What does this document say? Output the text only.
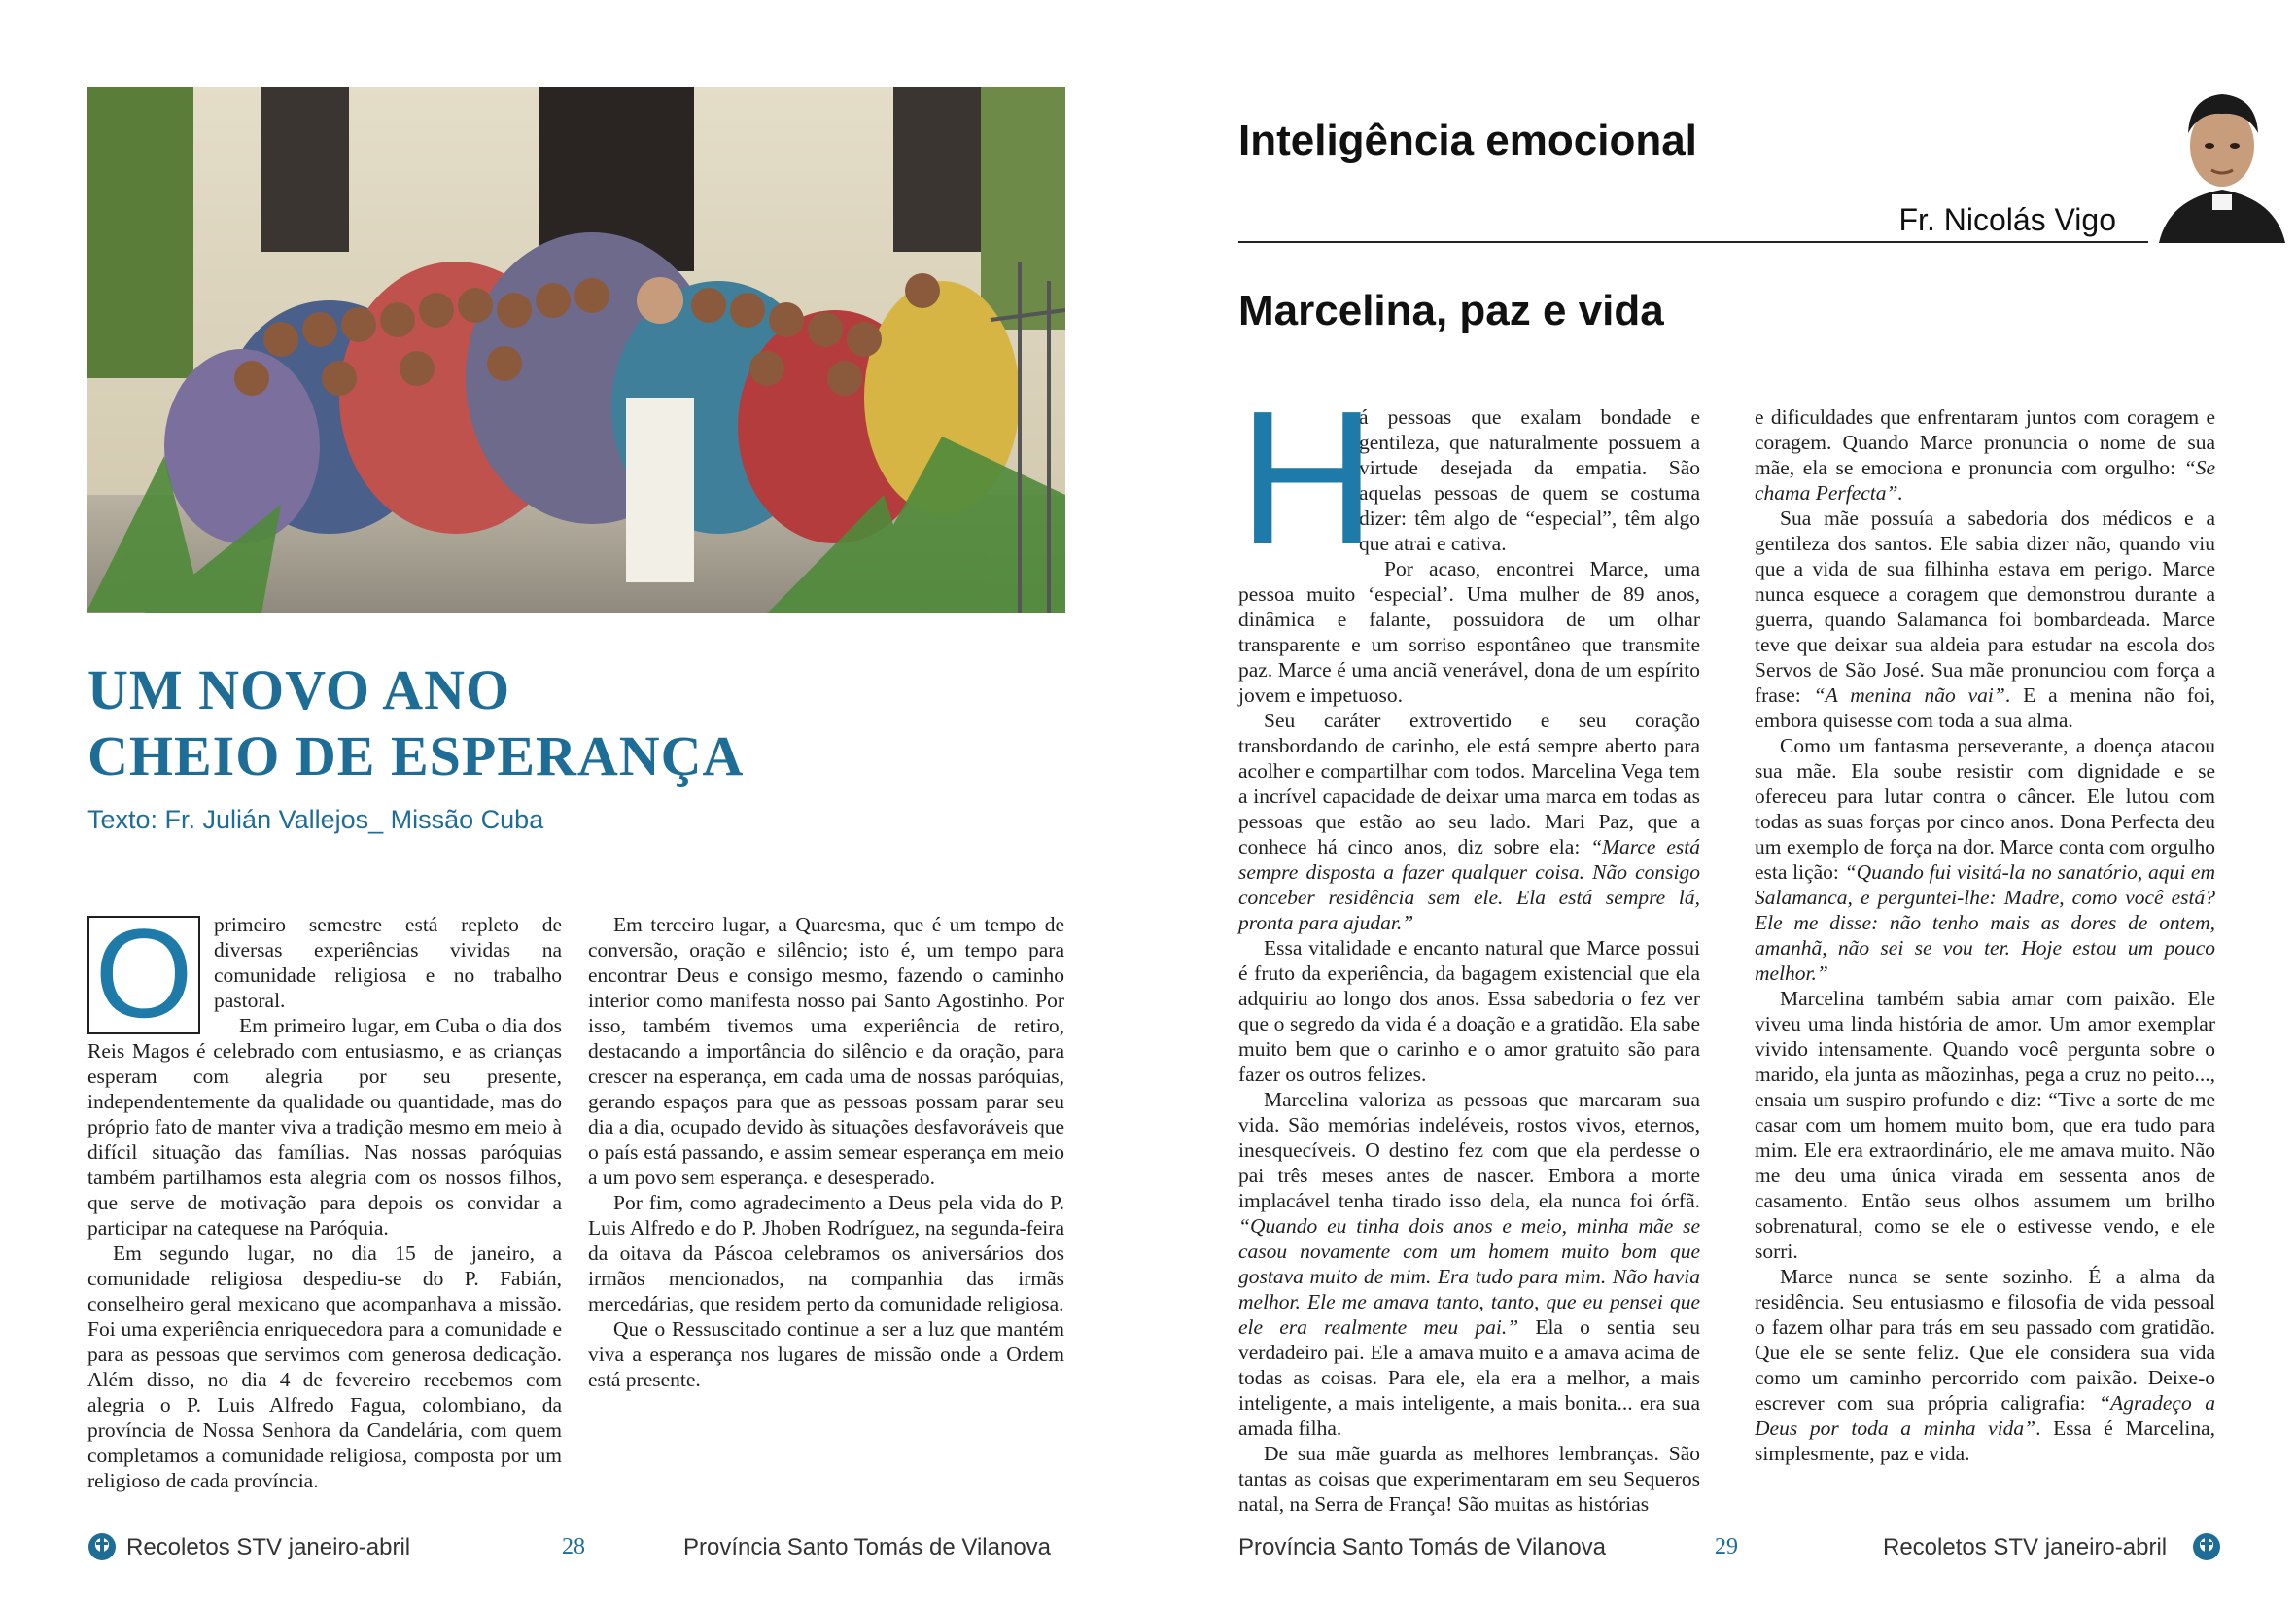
UM NOVO ANO
CHEIO DE ESPERANÇA
Texto: Fr. Julián Vallejos_ Missão Cuba
O primeiro semestre está repleto de diversas experiências vividas na comunidade religiosa e no trabalho pastoral.

Em primeiro lugar, em Cuba o dia dos Reis Magos é celebrado com entusiasmo, e as crianças esperam com alegria por seu presente, independentemente da qualidade ou quantidade, mas do próprio fato de manter viva a tradição mesmo em meio à difícil situação das famílias. Nas nossas paróquias também partilhamos esta alegria com os nossos filhos, que serve de motivação para depois os convidar a participar na catequese na Paróquia.

Em segundo lugar, no dia 15 de janeiro, a comunidade religiosa despediu-se do P. Fabián, conselheiro geral mexicano que acompanhava a missão. Foi uma experiência enriquecedora para a comunidade e para as pessoas que servimos com generosa dedicação. Além disso, no dia 4 de fevereiro recebemos com alegria o P. Luis Alfredo Fagua, colombiano, da província de Nossa Senhora da Candelária, com quem completamos a comunidade religiosa, composta por um religioso de cada província.

Em terceiro lugar, a Quaresma, que é um tempo de conversão, oração e silêncio; isto é, um tempo para encontrar Deus e consigo mesmo, fazendo o caminho interior como manifesta nosso pai Santo Agostinho. Por isso, também tivemos uma experiência de retiro, destacando a importância do silêncio e da oração, para crescer na esperança, em cada uma de nossas paróquias, gerando espaços para que as pessoas possam parar seu dia a dia, ocupado devido às situações desfavoráveis que o país está passando, e assim semear esperança em meio a um povo sem esperança. e desesperado.

Por fim, como agradecimento a Deus pela vida do P. Luis Alfredo e do P. Jhoben Rodríguez, na segunda-feira da oitava da Páscoa celebramos os aniversários dos irmãos mencionados, na companhia das irmãs mercedárias, que residem perto da comunidade religiosa.

Que o Ressuscitado continue a ser a luz que mantém viva a esperança nos lugares de missão onde a Ordem está presente.

Recoletos STV janeiro-abril	28	Província Santo Tomás de Vilanova
Inteligência emocional
Fr. Nicolás Vigo
Marcelina, paz e vida
H

á pessoas que exalam bondade e gentileza, que naturalmente possuem a virtude desejada da empatia. São aquelas pessoas de quem se costuma dizer: têm algo de “especial”, têm algo que atrai e cativa.

Por acaso, encontrei Marce, uma pessoa muito ‘especial’. Uma mulher de 89 anos, dinâmica e falante, possuidora de um olhar transparente e um sorriso espontâneo que transmite paz. Marce é uma anciã venerável, dona de um espírito jovem e impetuoso.

Seu caráter extrovertido e seu coração transbordando de carinho, ele está sempre aberto para acolher e compartilhar com todos. Marcelina Vega tem a incrível capacidade de deixar uma marca em todas as pessoas que estão ao seu lado. Mari Paz, que a conhece há cinco anos, diz sobre ela: “Marce está sempre disposta a fazer qualquer coisa. Não consigo conceber residência sem ele. Ela está sempre lá, pronta para ajudar.”

Essa vitalidade e encanto natural que Marce possui é fruto da experiência, da bagagem existencial que ela adquiriu ao longo dos anos. Essa sabedoria o fez ver que o segredo da vida é a doação e a gratidão. Ela sabe muito bem que o carinho e o amor gratuito são para fazer os outros felizes.

Marcelina valoriza as pessoas que marcaram sua vida. São memórias indeléveis, rostos vivos, eternos, inesquecíveis. O destino fez com que ela perdesse o pai três meses antes de nascer. Embora a morte implacável tenha tirado isso dela, ela nunca foi órfã. “Quando eu tinha dois anos e meio, minha mãe se casou novamente com um homem muito bom que gostava muito de mim. Era tudo para mim. Não havia melhor. Ele me amava tanto, tanto, que eu pensei que ele era realmente meu pai.” Ela o sentia seu verdadeiro pai. Ele a amava muito e a amava acima de todas as coisas. Para ele, ela era a melhor, a mais inteligente, a mais inteligente, a mais bonita... era sua amada filha.

De sua mãe guarda as melhores lembranças. São tantas as coisas que experimentaram em seu Sequeros natal, na Serra de França! São muitas as histórias

e dificuldades que enfrentaram juntos com coragem e coragem. Quando Marce pronuncia o nome de sua mãe, ela se emociona e pronuncia com orgulho: “Se chama Perfecta”.

Sua mãe possuía a sabedoria dos médicos e a gentileza dos santos. Ele sabia dizer não, quando viu que a vida de sua filhinha estava em perigo. Marce nunca esquece a coragem que demonstrou durante a guerra, quando Salamanca foi bombardeada. Marce teve que deixar sua aldeia para estudar na escola dos Servos de São José. Sua mãe pronunciou com força a frase: “A menina não vai”. E a menina não foi, embora quisesse com toda a sua alma.

Como um fantasma perseverante, a doença atacou sua mãe. Ela soube resistir com dignidade e se ofereceu para lutar contra o câncer. Ele lutou com todas as suas forças por cinco anos. Dona Perfecta deu um exemplo de força na dor. Marce conta com orgulho esta lição: “Quando fui visitá-la no sanatório, aqui em Salamanca, e perguntei-lhe: Madre, como você está? Ele me disse: não tenho mais as dores de ontem, amanhã, não sei se vou ter. Hoje estou um pouco melhor.”

Marcelina também sabia amar com paixão. Ele viveu uma linda história de amor. Um amor exemplar vivido intensamente. Quando você pergunta sobre o marido, ela junta as mãozinhas, pega a cruz no peito..., ensaia um suspiro profundo e diz: “Tive a sorte de me casar com um homem muito bom, que era tudo para mim. Ele era extraordinário, ele me amava muito. Não me deu uma única virada em sessenta anos de casamento. Então seus olhos assumem um brilho sobrenatural, como se ele o estivesse vendo, e ele sorri.

Marce nunca se sente sozinho. É a alma da residência. Seu entusiasmo e filosofia de vida pessoal o fazem olhar para trás em seu passado com gratidão. Que ele se sente feliz. Que ele considera sua vida como um caminho percorrido com paixão. Deixe-o escrever com sua própria caligrafia: “Agradeço a Deus por toda a minha vida”. Essa é Marcelina, simplesmente, paz e vida.

Província Santo Tomás de Vilanova	29	Recoletos STV janeiro-abril
